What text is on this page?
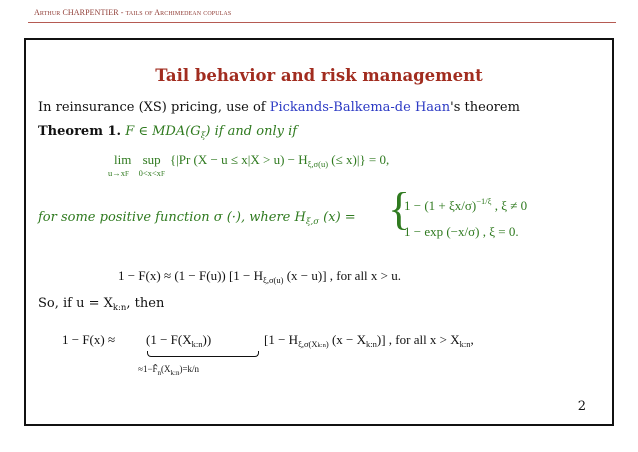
Arthur CHARPENTIER - tails of Archimedean copulas
Tail behavior and risk management
In reinsurance (XS) pricing, use of Pickands-Balkema-de Haan's theorem
Theorem 1. F ∈ $MDA(G_\xi)$ if and only if
lim
u→xF
sup
0<x<xF
{|Pr $(X - u \le x|X > u) - H_{\xi,\sigma(u)}$ (≤ x)|} = 0,
for some positive function σ (·), where $H_{\xi,\sigma}$ (x) = {
$1 - (1 + \xi x/\sigma)^{-1/\xi}$ , ξ ≠ 0
1 − exp (−x/σ) , ξ = 0.
1 − F(x) ≈ (1 − F(u)) [$1 - H_{\xi,\sigma(u)}$ (x − u)] , for all x > u.
So, if $u = X_{k:n}$, then
$1 - F(x) \approx (1 - F(X_{k:n}))$
$\approx 1-F̂_n(X_{k:n})=k/n$
[$1 - H_{\xi,\sigma(Xk:n)}$ $(x - X_{k:n})$] , for all $x > X_{k:n}$,
2
